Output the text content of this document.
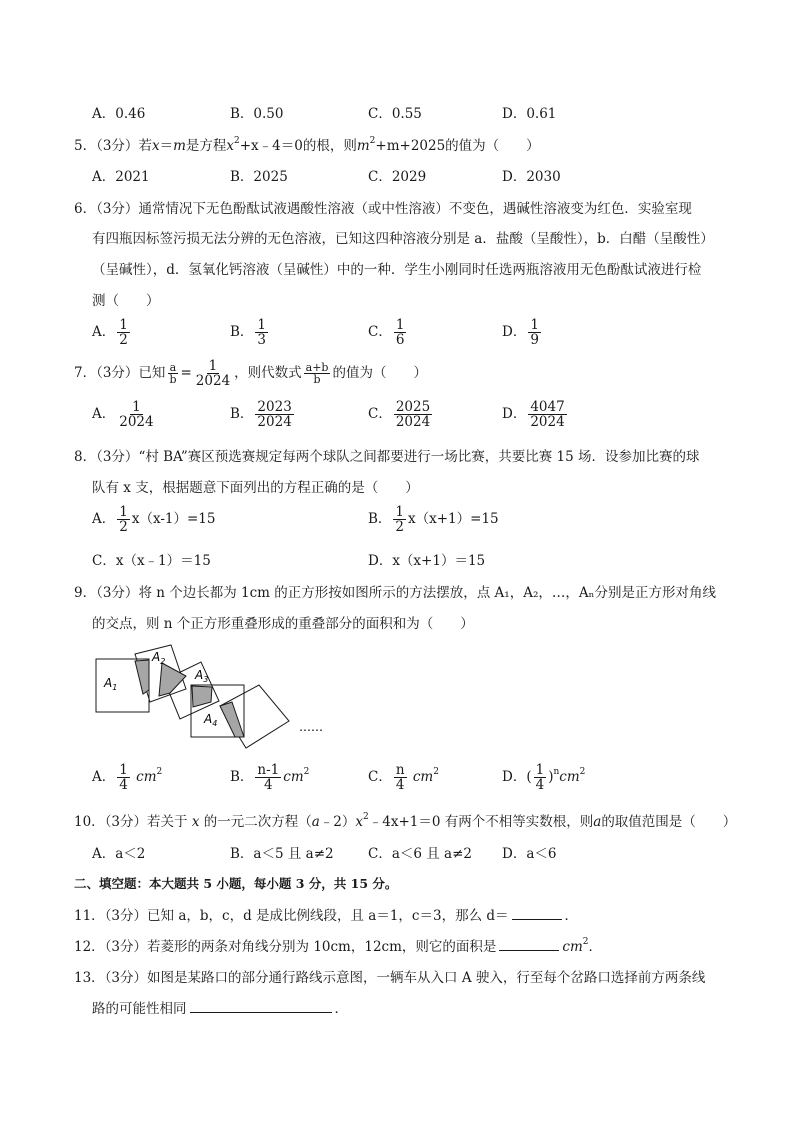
A．0.46	B．0.50	C．0.55	D．0.61
5．（3分）若x＝m是方程$x^2+x﹣4=0$的根，则$m^2+m+2025$的值为（　　）
A．2021	B．2025	C．2029	D．2030
6．（3分）通常情况下无色酚酞试液遇酸性溶液（或中性溶液）不变色，遇碱性溶液变为红色．实验室现
有四瓶因标签污损无法分辨的无色溶液，已知这四种溶液分别是 a．盐酸（呈酸性），b．白醋（呈酸性）
（呈碱性），d．氢氧化钙溶液（呈碱性）中的一种．学生小刚同时任选两瓶溶液用无色酚酞试液进行检
测（　　）
A． $\frac{1}{2}$	B． $\frac{1}{3}$	C． $\frac{1}{6}$	D． $\frac{1}{9}$
7．（3分）已知 $\frac{a}{b} = \frac{1}{2024}$ ，则代数式 $\frac{a+b}{b}$ 的值为（　　）
A． $\frac{1}{2024}$	B． $\frac{2023}{2024}$	C． $\frac{2025}{2024}$	D． $\frac{4047}{2024}$
8．（3分）“村 BA”赛区预选赛规定每两个球队之间都要进行一场比赛，共要比赛 15 场．设参加比赛的球
队有 x 支，根据题意下面列出的方程正确的是（　　）
A． $\frac{1}{2} x(x-1)=15$	B． $\frac{1}{2} x(x+1)=15$
C．x（x﹣1）＝15	D．x（x+1）＝15
9．（3分）将 n 个边长都为 1cm 的正方形按如图所示的方法摆放，点 A₁，A₂，…，Aₙ分别是正方形对角线
的交点，则 n 个正方形重叠形成的重叠部分的面积和为（　　）
$A_1$
$A_2$
$A_3$
$A_4$	……
A． $\frac{1}{4} cm^2$	B． $\frac{n-1}{4} cm^2$	C． $\frac{n}{4} cm^2$	D．( $\frac{1}{4} )^ncm^2$
10．（3分）若关于 x 的一元二次方程$(a﹣2)x^2﹣4x+1=0$ 有两个不相等实数根，则a的取值范围是（　　）
A．a＜2	B．a＜5 且 a≠2	C．a＜6 且 a≠2 D．a＜6
二、填空题：本大题共 5 小题，每小题 3 分，共 15 分。
11．（3分）已知 a，b，c，d 是成比例线段，且 a＝1，c＝3，那么 d＝	．
12．（3分）若菱形的两条对角线分别为 10cm，12cm，则它的面积是	$cm^2$．
13．（3分）如图是某路口的部分通行路线示意图，一辆车从入口 A 驶入，行至每个岔路口选择前方两条线
路的可能性相同	．
